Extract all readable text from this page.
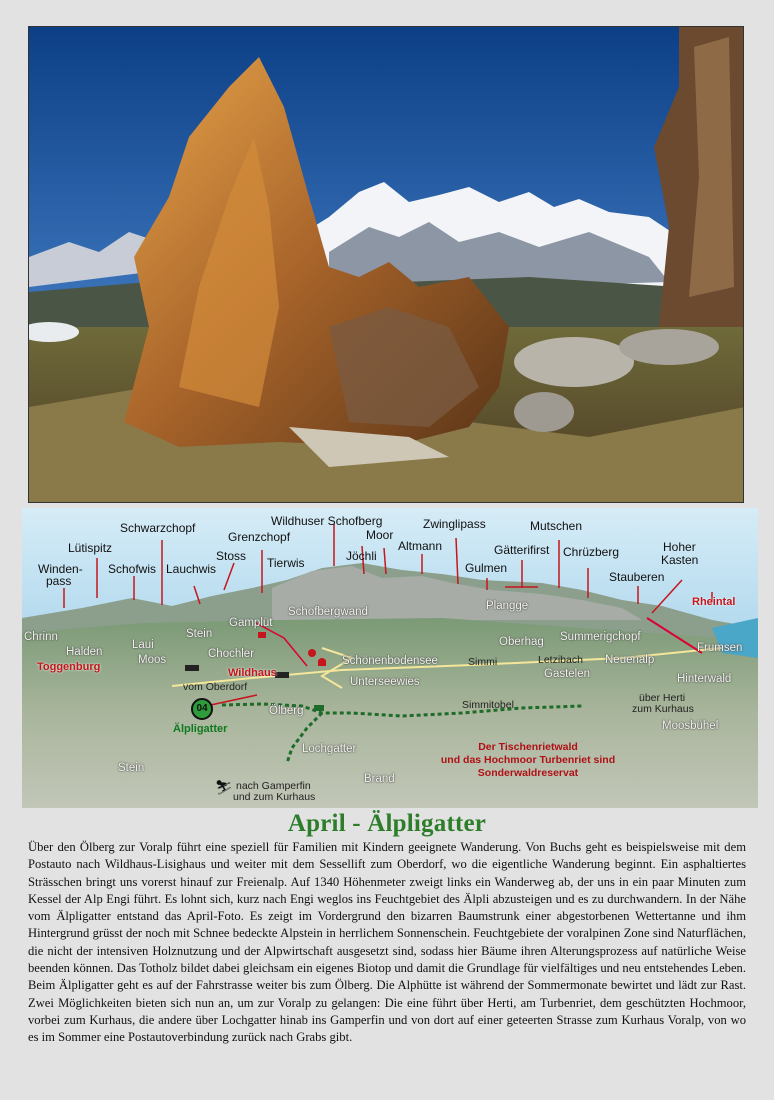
Winden-
pass
Lütispitz
Schwarzchopf
Schofwis Lauchwis
Stoss
Grenzchopf
Tierwis
Wildhuser Schofberg
Jöchli
Moor
Altmann
Zwinglipass
Gulmen
Gätterifirst
Mutschen
Chrüzberg
Stauberen
Hoher
Kasten
Schofbergwand	Plangge
Chrinn
Halden
Laui
Moos
Stein
Gamplüt
Chochler
Schönenbodensee	Simmi
Oberhag Summerigchopf
Letzibach Neuenalp
Frumsen
Gastelen
Unterseewies	Hinterwald
Simmitobel
Ölberg
Lochgatter
Stein
Brand
Moosbühel
Toggenburg	Wildhaus
Rheintal
vom Oberdorf
04
Älpligatter
über Herti
zum Kurhaus
nach Gamperfin
und zum Kurhaus
⛷
Der Tischenrietwald
und das Hochmoor Turbenriet sind
Sonderwaldreservat
April - Älpligatter

Über den Ölberg zur Voralp führt eine speziell für Familien mit Kindern geeignete Wanderung. Von Buchs geht es beispielsweise mit dem Postauto nach Wildhaus-Lisighaus und weiter mit dem Sessellift zum Oberdorf, wo die eigentliche Wanderung beginnt. Ein asphaltiertes Strässchen bringt uns vorerst hinauf zur Freienalp. Auf 1340 Höhenmeter zweigt links ein Wanderweg ab, der uns in ein paar Minuten zum Kessel der Alp Engi führt. Es lohnt sich, kurz nach Engi weglos ins Feuchtgebiet des Älpli abzusteigen und es zu durchwandern. In der Nähe vom Älpligatter entstand das April-Foto. Es zeigt im Vordergrund den bizarren Baumstrunk einer abgestorbenen Wettertanne und ihm Hintergrund grüsst der noch mit Schnee bedeckte Alpstein in herrlichem Sonnenschein. Feuchtgebiete der voralpinen Zone sind Naturflächen, die nicht der intensiven Holznutzung und der Alpwirtschaft ausgesetzt sind, sodass hier Bäume ihren Alterungsprozess auf natürliche Weise beenden können. Das Totholz bildet dabei gleichsam ein eigenes Biotop und damit die Grundlage für vielfältiges und neu entstehendes Leben. Beim Älpligatter geht es auf der Fahrstrasse weiter bis zum Ölberg. Die Alphütte ist während der Sommermonate bewirtet und lädt zur Rast. Zwei Möglichkeiten bieten sich nun an, um zur Voralp zu gelangen: Die eine führt über Herti, am Turbenriet, dem geschützten Hochmoor, vorbei zum Kurhaus, die andere über Lochgatter hinab ins Gamperfin und von dort auf einer geteerten Strasse zum Kurhaus Voralp, von wo es im Sommer eine Postautoverbindung zurück nach Grabs gibt.
